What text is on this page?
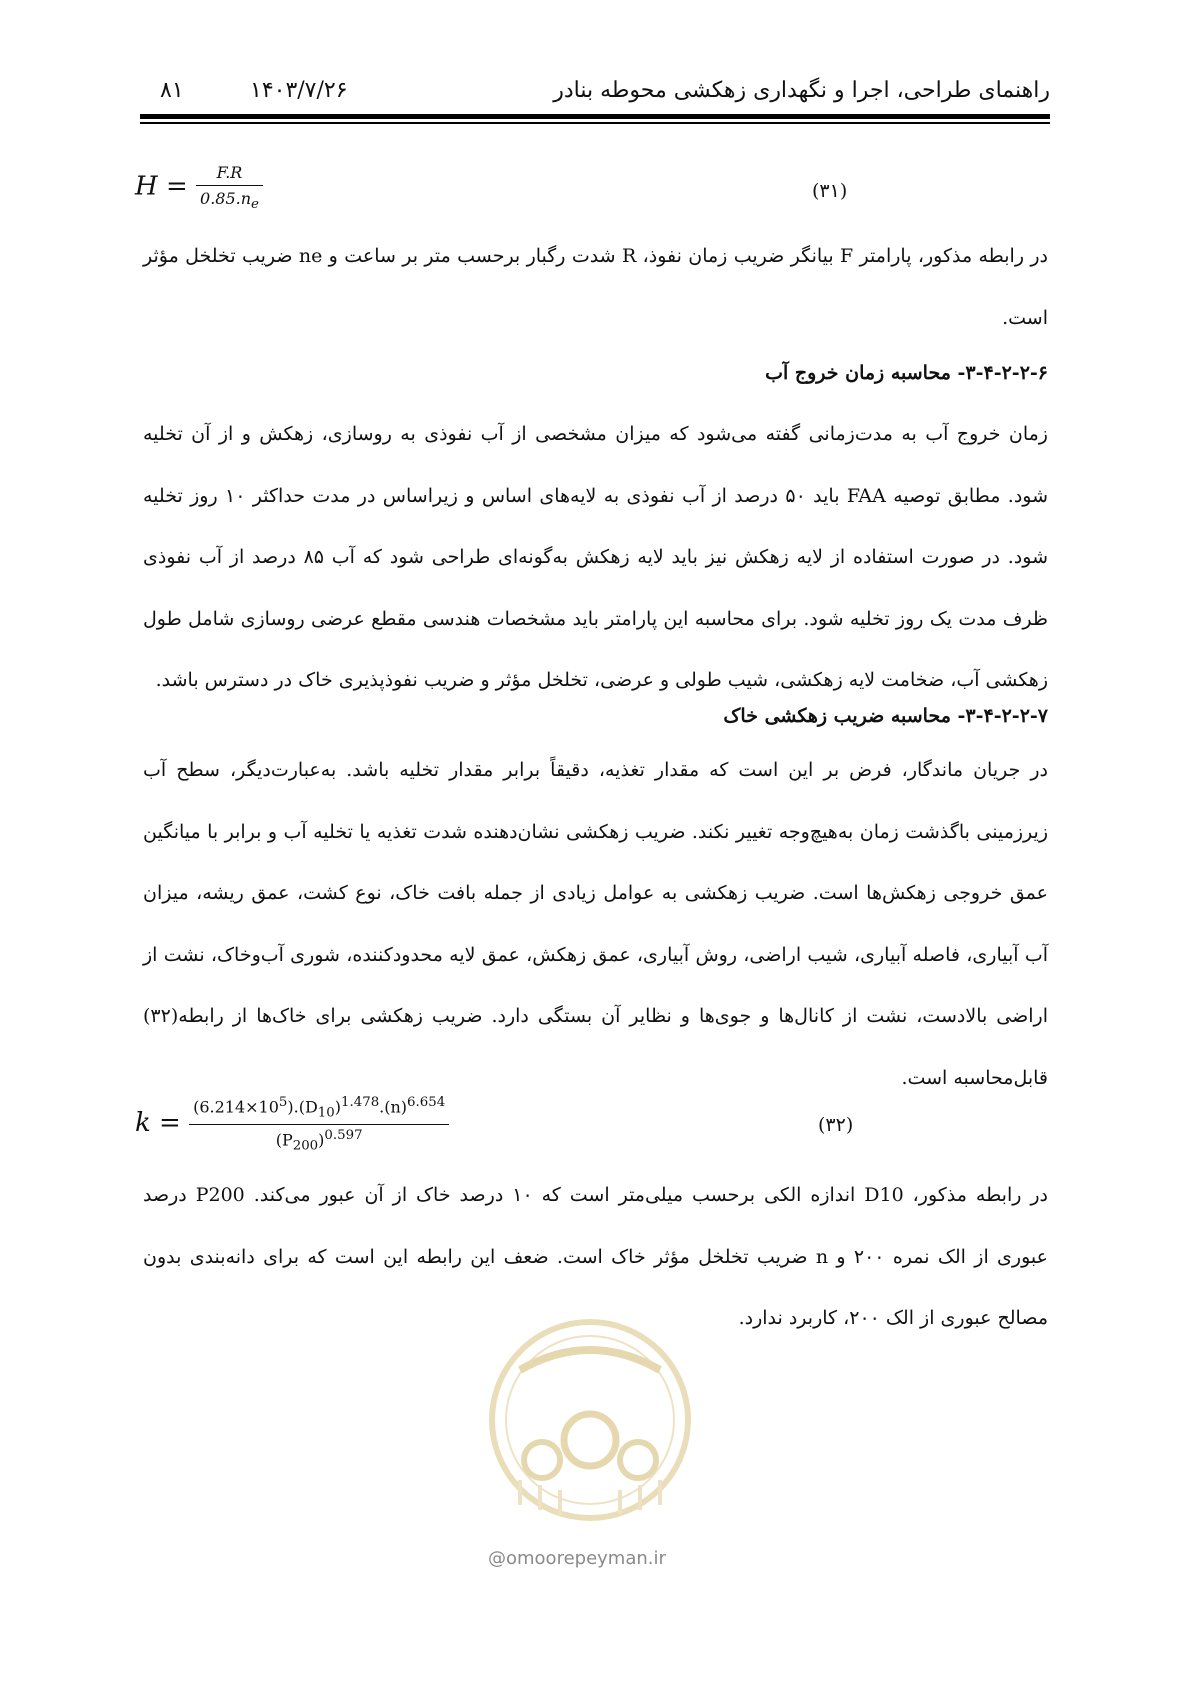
راهنمای طراحی، اجرا و نگهداری زهکشی محوطه بنادر
۱۴۰۳/۷/۲۶
۸۱
$H = \frac{F.R}{0.85.n_e}$	(۳۱)

در رابطه مذکور، پارامتر F بیانگر ضریب زمان نفوذ، R شدت رگبار برحسب متر بر ساعت و ne ضریب تخلخل مؤثر است.

۳-۴-۲-۲-۶- محاسبه زمان خروج آب

زمان خروج آب به مدت‌زمانی گفته می‌شود که میزان مشخصی از آب نفوذی به روسازی، زهکش و از آن تخلیه شود. مطابق توصیه FAA باید ۵۰ درصد از آب نفوذی به لایه‌های اساس و زیراساس در مدت حداکثر ۱۰ روز تخلیه شود. در صورت استفاده از لایه زهکش نیز باید لایه زهکش به‌گونه‌ای طراحی شود که آب ۸۵ درصد از آب نفوذی ظرف مدت یک روز تخلیه شود. برای محاسبه این پارامتر باید مشخصات هندسی مقطع عرضی روسازی شامل طول زهکشی آب، ضخامت لایه زهکشی، شیب طولی و عرضی، تخلخل مؤثر و ضریب نفوذپذیری خاک در دسترس باشد.

۳-۴-۲-۲-۷- محاسبه ضریب زهکشی خاک

در جریان ماندگار، فرض بر این است که مقدار تغذیه، دقیقاً برابر مقدار تخلیه باشد. به‌عبارت‌دیگر، سطح آب زیرزمینی باگذشت زمان به‌هیچ‌وجه تغییر نکند. ضریب زهکشی نشان‌دهنده شدت تغذیه یا تخلیه آب و برابر با میانگین عمق خروجی زهکش‌ها است. ضریب زهکشی به عوامل زیادی از جمله بافت خاک، نوع کشت، عمق ریشه، میزان آب آبیاری، فاصله آبیاری، شیب اراضی، روش آبیاری، عمق زهکش، عمق لایه محدودکننده، شوری آب‌وخاک، نشت از اراضی بالادست، نشت از کانال‌ها و جوی‌ها و نظایر آن بستگی دارد. ضریب زهکشی برای خاک‌ها از رابطه(۳۲) قابل‌محاسبه است.

$k = \frac{(6.214\times 10^5).(D_{10})^{1.478}.(n)^{6.654}}{(P_{200})^{0.597}}$	(۳۲)

در رابطه مذکور، D10 اندازه الکی برحسب میلی‌متر است که ۱۰ درصد خاک از آن عبور می‌کند. P200 درصد عبوری از الک نمره ۲۰۰ و n ضریب تخلخل مؤثر خاک است. ضعف این رابطه این است که برای دانه‌بندی بدون مصالح عبوری از الک ۲۰۰، کاربرد ندارد.

@omoorepeyman.ir
